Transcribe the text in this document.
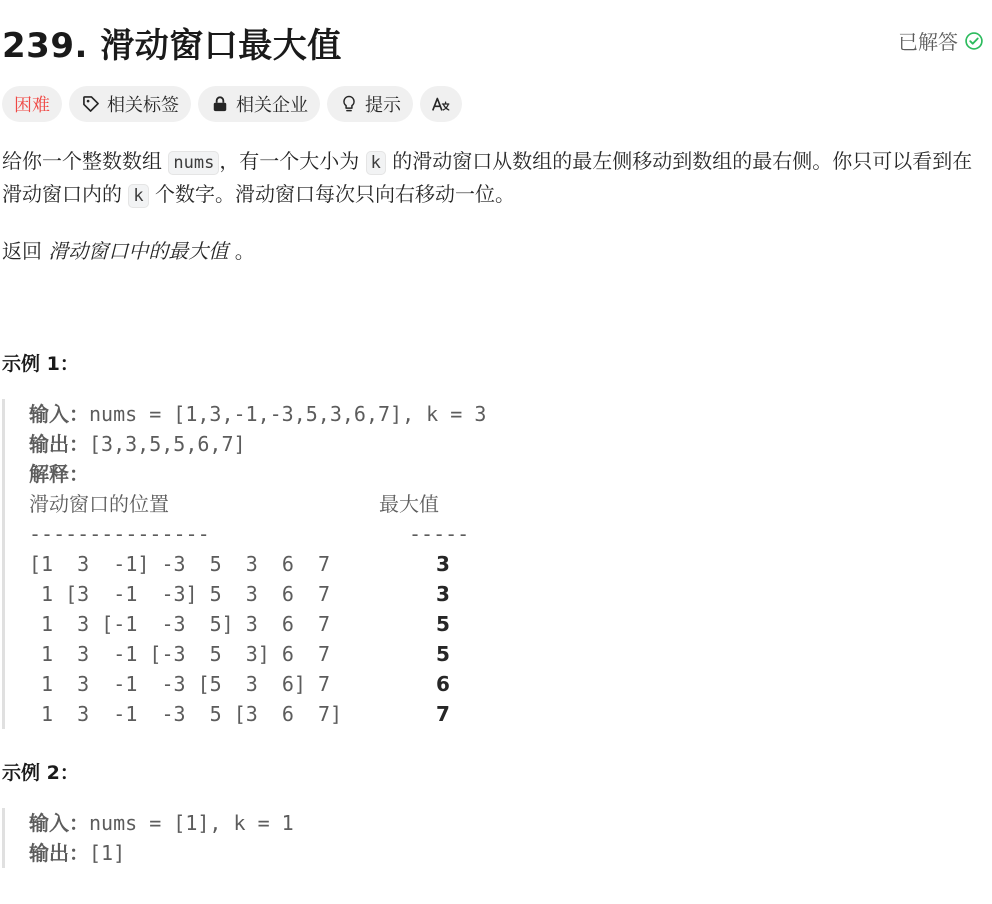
239. 滑动窗口最大值	已解答
困难	相关标签	相关企业	提示

给你一个整数数组 nums ，有一个大小为 k 的滑动窗口从数组的最左侧移动到数组的最右侧。你只可以看到在滑动窗口内的 k 个数字。滑动窗口每次只向右移动一位。

返回 滑动窗口中的最大值 。

示例 1：

输入：nums = [1,3,-1,-3,5,3,6,7], k = 3
输出：[3,3,5,5,6,7]
解释：
滑动窗口的位置	最大值
---------------	-----
[1  3  -1] -3  5  3  6  7	3
1 [3  -1  -3] 5  3  6  7	3
1  3 [-1  -3  5] 3  6  7	5
1  3  -1 [-3  5  3] 6  7	5
1  3  -1  -3 [5  3  6] 7	6
1  3  -1  -3  5 [3  6  7]	7

示例 2：

输入：nums = [1], k = 1
输出：[1]
